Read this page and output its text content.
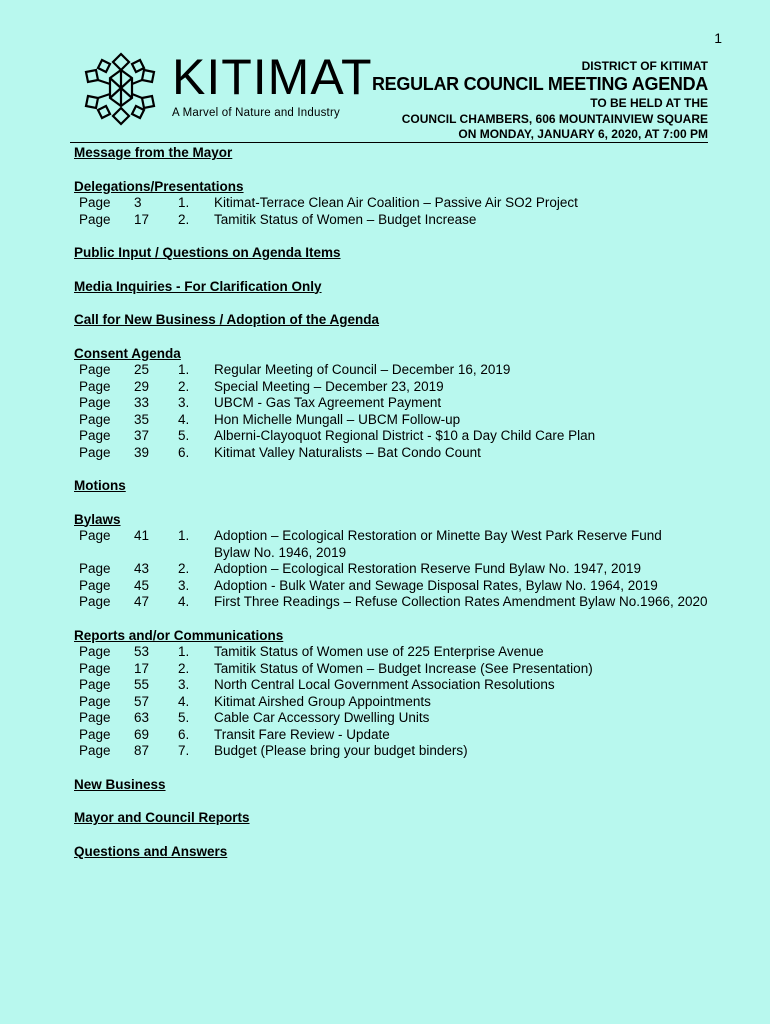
1
KITIMAT
A Marvel of Nature and Industry
DISTRICT OF KITIMAT
REGULAR COUNCIL MEETING AGENDA
TO BE HELD AT THE
COUNCIL CHAMBERS, 606 MOUNTAINVIEW SQUARE
ON MONDAY, JANUARY 6, 2020, AT 7:00 PM
Message from the Mayor
Delegations/Presentations
Page 3	1. Kitimat-Terrace Clean Air Coalition – Passive Air SO2 Project
Page 17 2. Tamitik Status of Women – Budget Increase
Public Input / Questions on Agenda Items
Media Inquiries - For Clarification Only
Call for New Business / Adoption of the Agenda
Consent Agenda
Page 25 1. Regular Meeting of Council – December 16, 2019
Page 29 2. Special Meeting – December 23, 2019
Page 33 3. UBCM - Gas Tax Agreement Payment
Page 35 4. Hon Michelle Mungall – UBCM Follow-up
Page 37 5. Alberni-Clayoquot Regional District - $10 a Day Child Care Plan
Page 39 6. Kitimat Valley Naturalists – Bat Condo Count
Motions
Bylaws
Page 41 1. Adoption – Ecological Restoration or Minette Bay West Park Reserve Fund
Bylaw No. 1946, 2019
Page 43 2. Adoption – Ecological Restoration Reserve Fund Bylaw No. 1947, 2019
Page 45 3. Adoption - Bulk Water and Sewage Disposal Rates, Bylaw No. 1964, 2019
Page 47 4. First Three Readings – Refuse Collection Rates Amendment Bylaw No.1966, 2020
Reports and/or Communications
Page 53 1. Tamitik Status of Women use of 225 Enterprise Avenue
Page 17 2. Tamitik Status of Women – Budget Increase (See Presentation)
Page 55 3. North Central Local Government Association Resolutions
Page 57 4. Kitimat Airshed Group Appointments
Page 63 5. Cable Car Accessory Dwelling Units
Page 69 6. Transit Fare Review - Update
Page 87 7. Budget (Please bring your budget binders)
New Business
Mayor and Council Reports
Questions and Answers
